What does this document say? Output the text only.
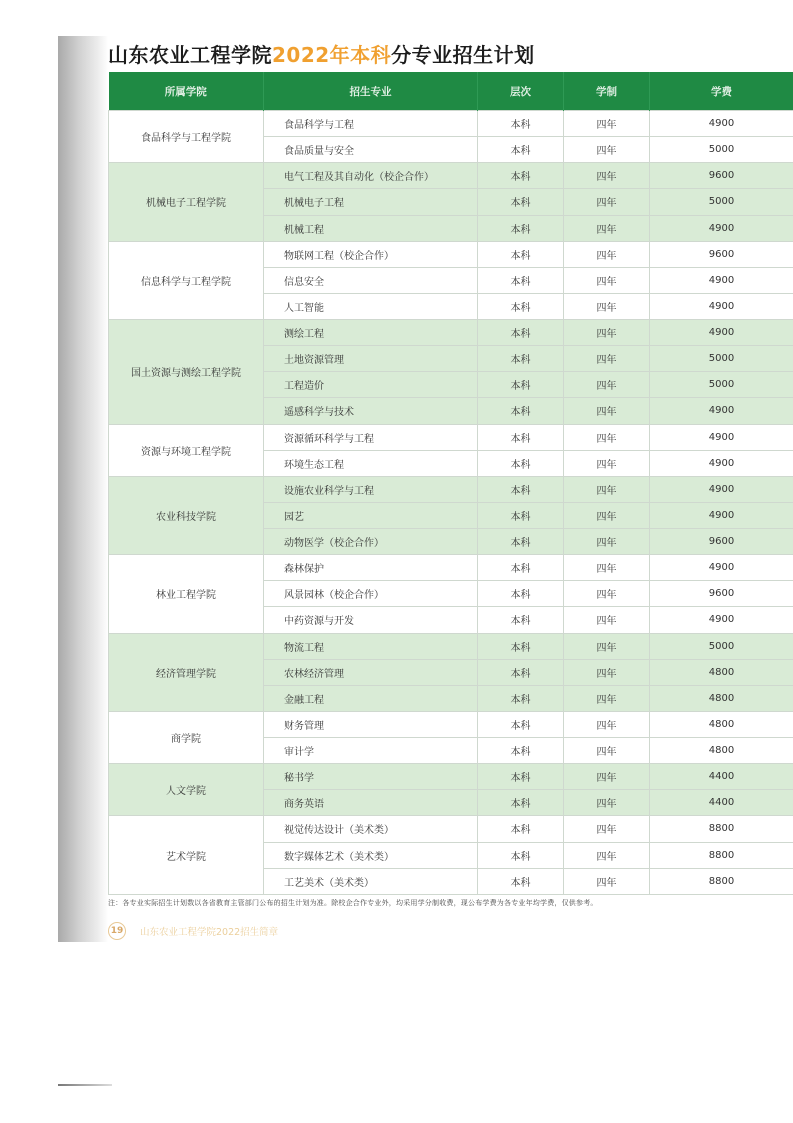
山东农业工程学院2022年本科分专业招生计划
所属学院	招生专业	层次	学制	学费
食品科学与工程学院	食品科学与工程	本科	四年	4900
	食品质量与安全	本科	四年	5000
机械电子工程学院	电气工程及其自动化（校企合作）	本科	四年	9600
	机械电子工程	本科	四年	5000
	机械工程	本科	四年	4900
信息科学与工程学院	物联网工程（校企合作）	本科	四年	9600
	信息安全	本科	四年	4900
	人工智能	本科	四年	4900
国土资源与测绘工程学院	测绘工程	本科	四年	4900
	土地资源管理	本科	四年	5000
	工程造价	本科	四年	5000
	遥感科学与技术	本科	四年	4900
资源与环境工程学院	资源循环科学与工程	本科	四年	4900
	环境生态工程	本科	四年	4900
农业科技学院	设施农业科学与工程	本科	四年	4900
	园艺	本科	四年	4900
	动物医学（校企合作）	本科	四年	9600
林业工程学院	森林保护	本科	四年	4900
	风景园林（校企合作）	本科	四年	9600
	中药资源与开发	本科	四年	4900
经济管理学院	物流工程	本科	四年	5000
	农林经济管理	本科	四年	4800
	金融工程	本科	四年	4800
商学院	财务管理	本科	四年	4800
	审计学	本科	四年	4800
人文学院	秘书学	本科	四年	4400
	商务英语	本科	四年	4400
艺术学院	视觉传达设计（美术类）	本科	四年	8800
	数字媒体艺术（美术类）	本科	四年	8800
	工艺美术（美术类）	本科	四年	8800
注：各专业实际招生计划数以各省教育主管部门公布的招生计划为准。除校企合作专业外，均采用学分制收费，现公布学费为各专业年均学费，仅供参考。
19 山东农业工程学院2022招生简章
